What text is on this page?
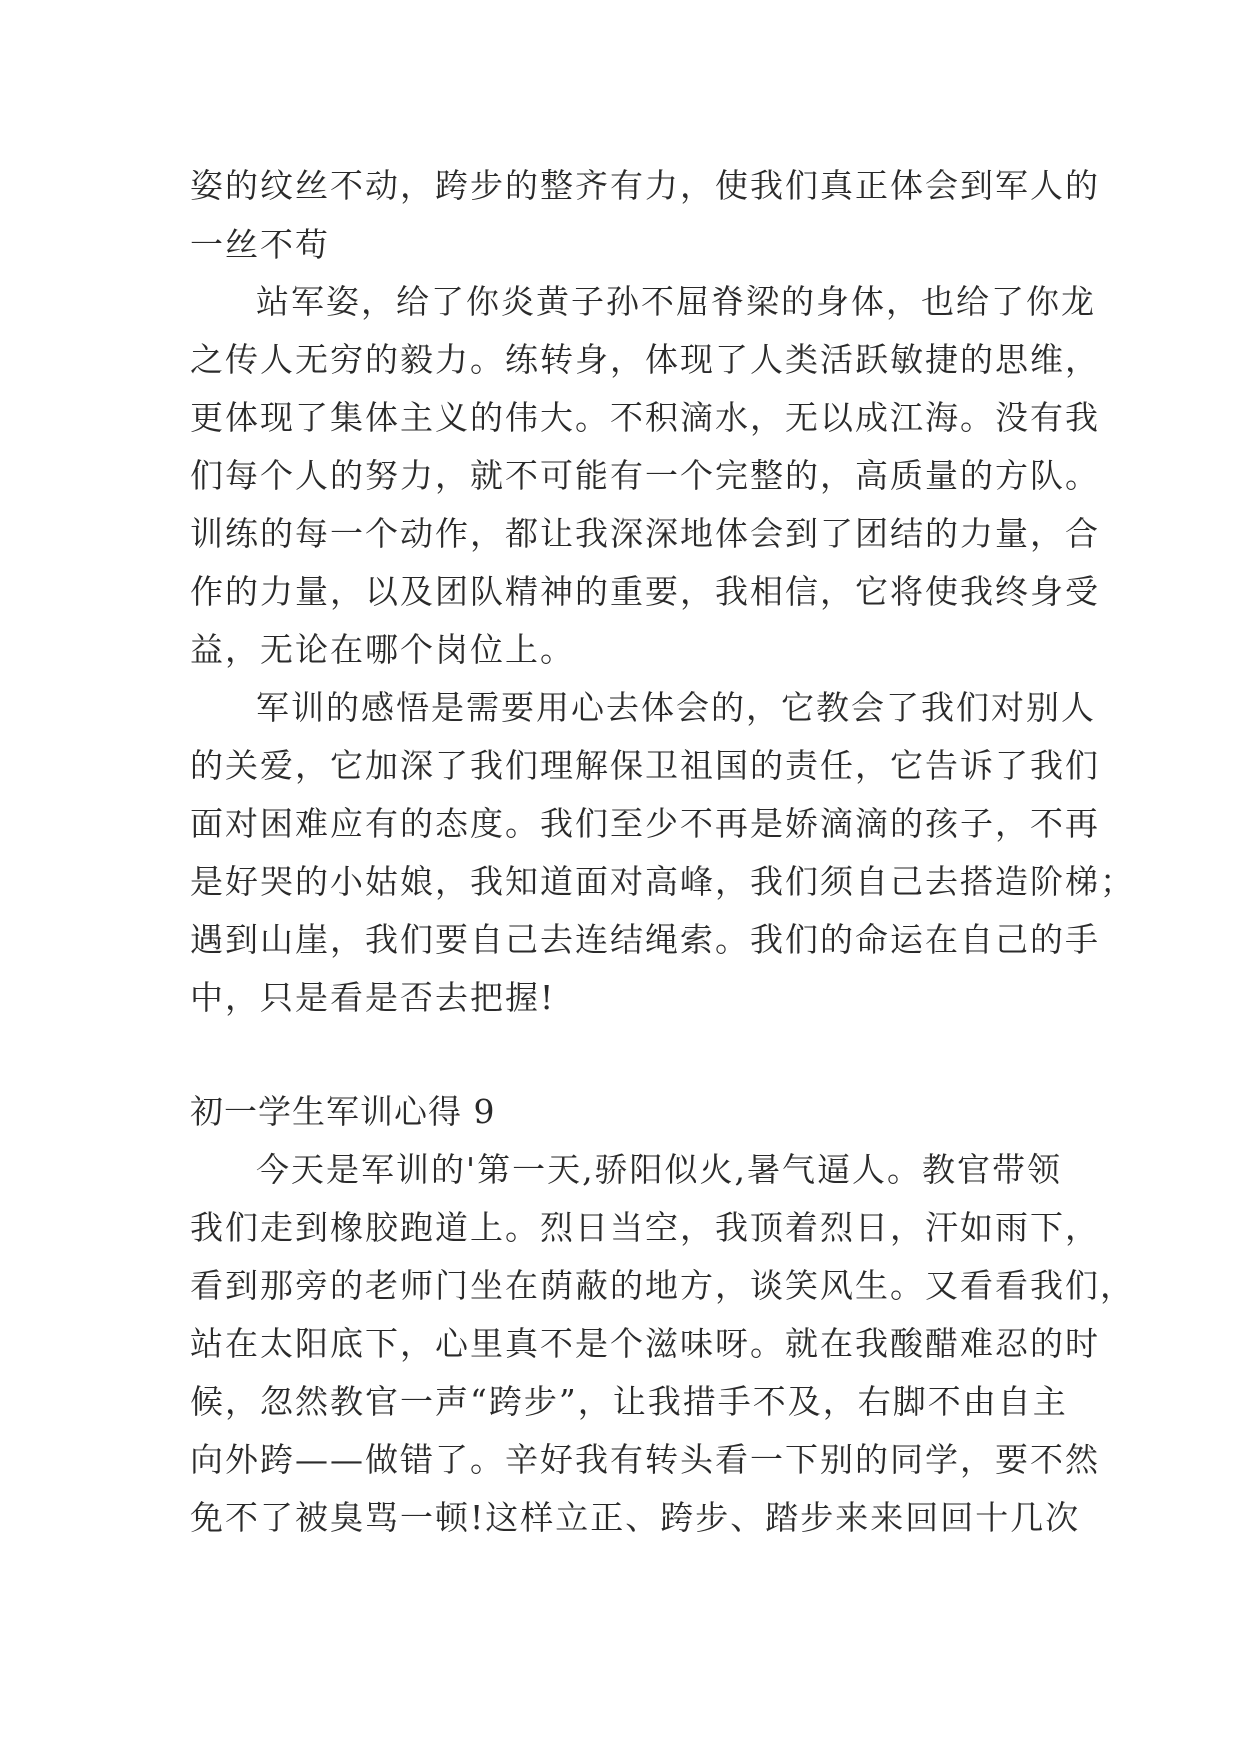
姿的纹丝不动，跨步的整齐有力，使我们真正体会到军人的
一丝不苟
站军姿，给了你炎黄子孙不屈脊梁的身体，也给了你龙
之传人无穷的毅力。练转身，体现了人类活跃敏捷的思维，
更体现了集体主义的伟大。不积滴水，无以成江海。没有我
们每个人的努力，就不可能有一个完整的，高质量的方队。
训练的每一个动作，都让我深深地体会到了团结的力量，合
作的力量，以及团队精神的重要，我相信，它将使我终身受
益，无论在哪个岗位上。
军训的感悟是需要用心去体会的，它教会了我们对别人
的关爱，它加深了我们理解保卫祖国的责任，它告诉了我们
面对困难应有的态度。我们至少不再是娇滴滴的孩子，不再
是好哭的小姑娘，我知道面对高峰，我们须自己去搭造阶梯；
遇到山崖，我们要自己去连结绳索。我们的命运在自己的手
中，只是看是否去把握!
初一学生军训心得 9
今天是军训的'第一天,骄阳似火,暑气逼人。教官带领
我们走到橡胶跑道上。烈日当空，我顶着烈日，汗如雨下，
看到那旁的老师门坐在荫蔽的地方，谈笑风生。又看看我们，
站在太阳底下，心里真不是个滋味呀。就在我酸醋难忍的时
候，忽然教官一声“跨步”，让我措手不及，右脚不由自主
向外跨——做错了。辛好我有转头看一下别的同学，要不然
免不了被臭骂一顿!这样立正、跨步、踏步来来回回十几次
